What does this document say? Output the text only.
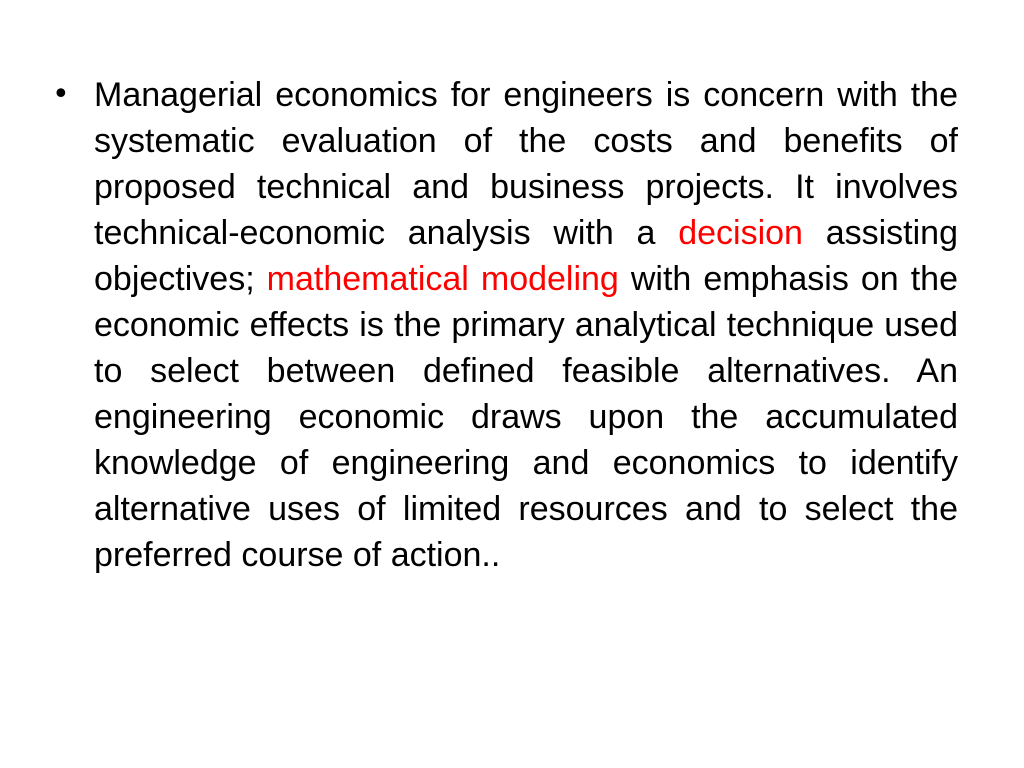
• Managerial economics for engineers is concern with the systematic evaluation of the costs and benefits of proposed technical and business projects. It involves technical-economic analysis with a decision assisting objectives; mathematical modeling with emphasis on the economic effects is the primary analytical technique used to select between defined feasible alternatives. An engineering economic draws upon the accumulated knowledge of engineering and economics to identify alternative uses of limited resources and to select the preferred course of action..
